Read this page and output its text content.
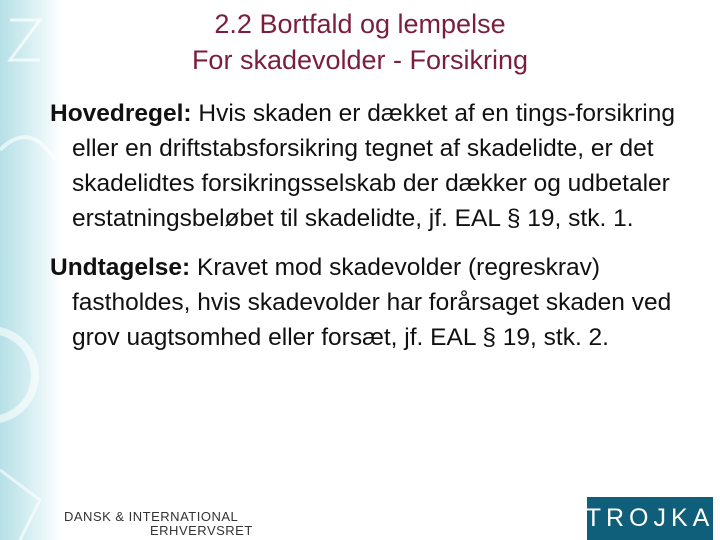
2.2 Bortfald og lempelse
For skadevolder - Forsikring

Hovedregel: Hvis skaden er dækket af en tings-forsikring eller en driftstabsforsikring tegnet af skadelidte, er det skadelidtes forsikringsselskab der dækker og udbetaler erstatningsbeløbet til skadelidte, jf. EAL § 19, stk. 1.

Undtagelse: Kravet mod skadevolder (regreskrav) fastholdes, hvis skadevolder har forårsaget skaden ved grov uagtsomhed eller forsæt, jf. EAL § 19, stk. 2.

DANSK & INTERNATIONAL
ERHVERVSRET	TROJKA
